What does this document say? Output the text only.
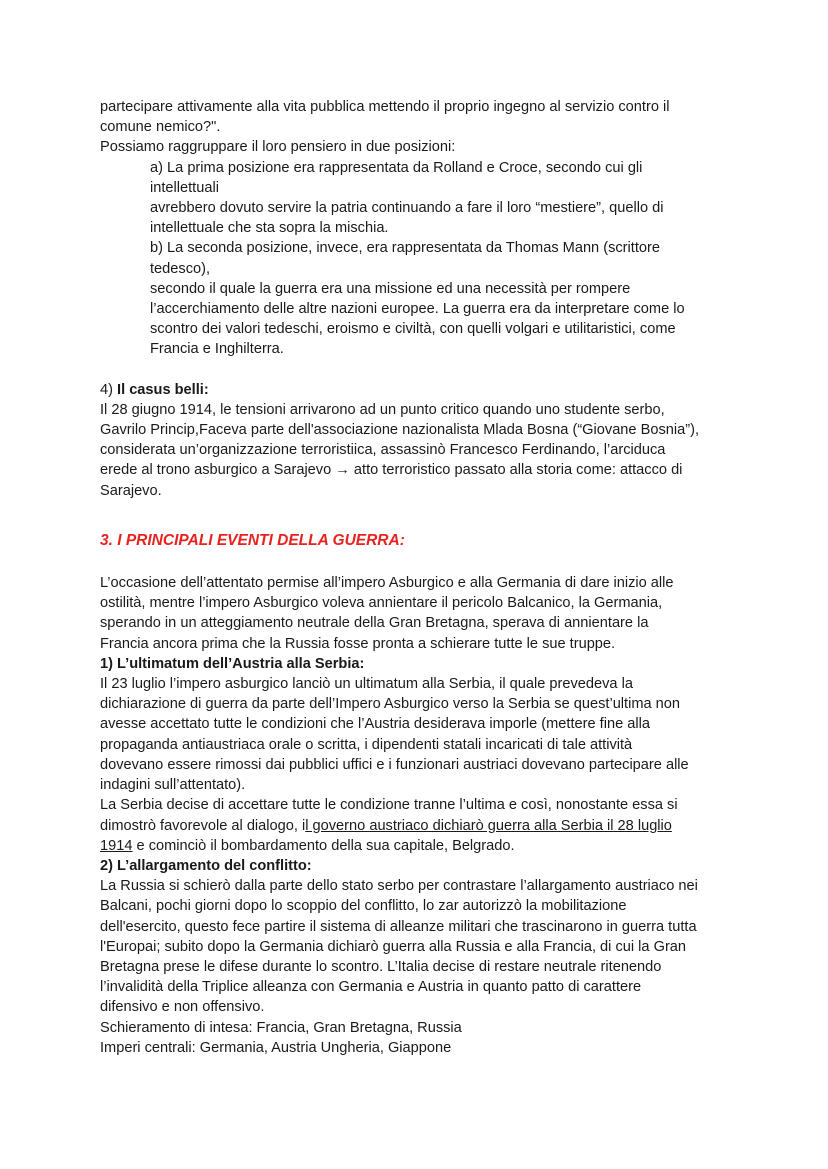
partecipare attivamente alla vita pubblica mettendo il proprio ingegno al servizio contro il

comune nemico?".

Possiamo raggruppare il loro pensiero in due posizioni:

a) La prima posizione era rappresentata da Rolland e Croce, secondo cui gli

intellettuali

avrebbero dovuto servire la patria continuando a fare il loro “mestiere”, quello di

intellettuale che sta sopra la mischia.

b) La seconda posizione, invece, era rappresentata da Thomas Mann (scrittore

tedesco),

secondo il quale la guerra era una missione ed una necessità per rompere

l’accerchiamento delle altre nazioni europee. La guerra era da interpretare come lo

scontro dei valori tedeschi, eroismo e civiltà, con quelli volgari e utilitaristici, come

Francia e Inghilterra.

4) Il casus belli:

Il 28 giugno 1914, le tensioni arrivarono ad un punto critico quando uno studente serbo,

Gavrilo Princip,Faceva parte dell'associazione nazionalista Mlada Bosna (“Giovane Bosnia”),

considerata un’organizzazione terroristiica, assassinò Francesco Ferdinando, l’arciduca

erede al trono asburgico a Sarajevo → atto terroristico passato alla storia come: attacco di

Sarajevo.

3. I PRINCIPALI EVENTI DELLA GUERRA:

L’occasione dell’attentato permise all’impero Asburgico e alla Germania di dare inizio alle

ostilità, mentre l’impero Asburgico voleva annientare il pericolo Balcanico, la Germania,

sperando in un atteggiamento neutrale della Gran Bretagna, sperava di annientare la

Francia ancora prima che la Russia fosse pronta a schierare tutte le sue truppe.

1) L’ultimatum dell’Austria alla Serbia:

Il 23 luglio l’impero asburgico lanciò un ultimatum alla Serbia, il quale prevedeva la

dichiarazione di guerra da parte dell’Impero Asburgico verso la Serbia se quest’ultima non

avesse accettato tutte le condizioni che l’Austria desiderava imporle (mettere fine alla

propaganda antiaustriaca orale o scritta, i dipendenti statali incaricati di tale attività

dovevano essere rimossi dai pubblici uffici e i funzionari austriaci dovevano partecipare alle

indagini sull’attentato).

La Serbia decise di accettare tutte le condizione tranne l’ultima e così, nonostante essa si

dimostrò favorevole al dialogo, il governo austriaco dichiarò guerra alla Serbia il 28 luglio

1914 e cominciò il bombardamento della sua capitale, Belgrado.

2) L’allargamento del conflitto:

La Russia si schierò dalla parte dello stato serbo per contrastare l’allargamento austriaco nei

Balcani, pochi giorni dopo lo scoppio del conflitto, lo zar autorizzò la mobilitazione

dell'esercito, questo fece partire il sistema di alleanze militari che trascinarono in guerra tutta

l'Europai; subito dopo la Germania dichiarò guerra alla Russia e alla Francia, di cui la Gran

Bretagna prese le difese durante lo scontro. L’Italia decise di restare neutrale ritenendo

l’invalidità della Triplice alleanza con Germania e Austria in quanto patto di carattere

difensivo e non offensivo.

Schieramento di intesa: Francia, Gran Bretagna, Russia

Imperi centrali: Germania, Austria Ungheria, Giappone
